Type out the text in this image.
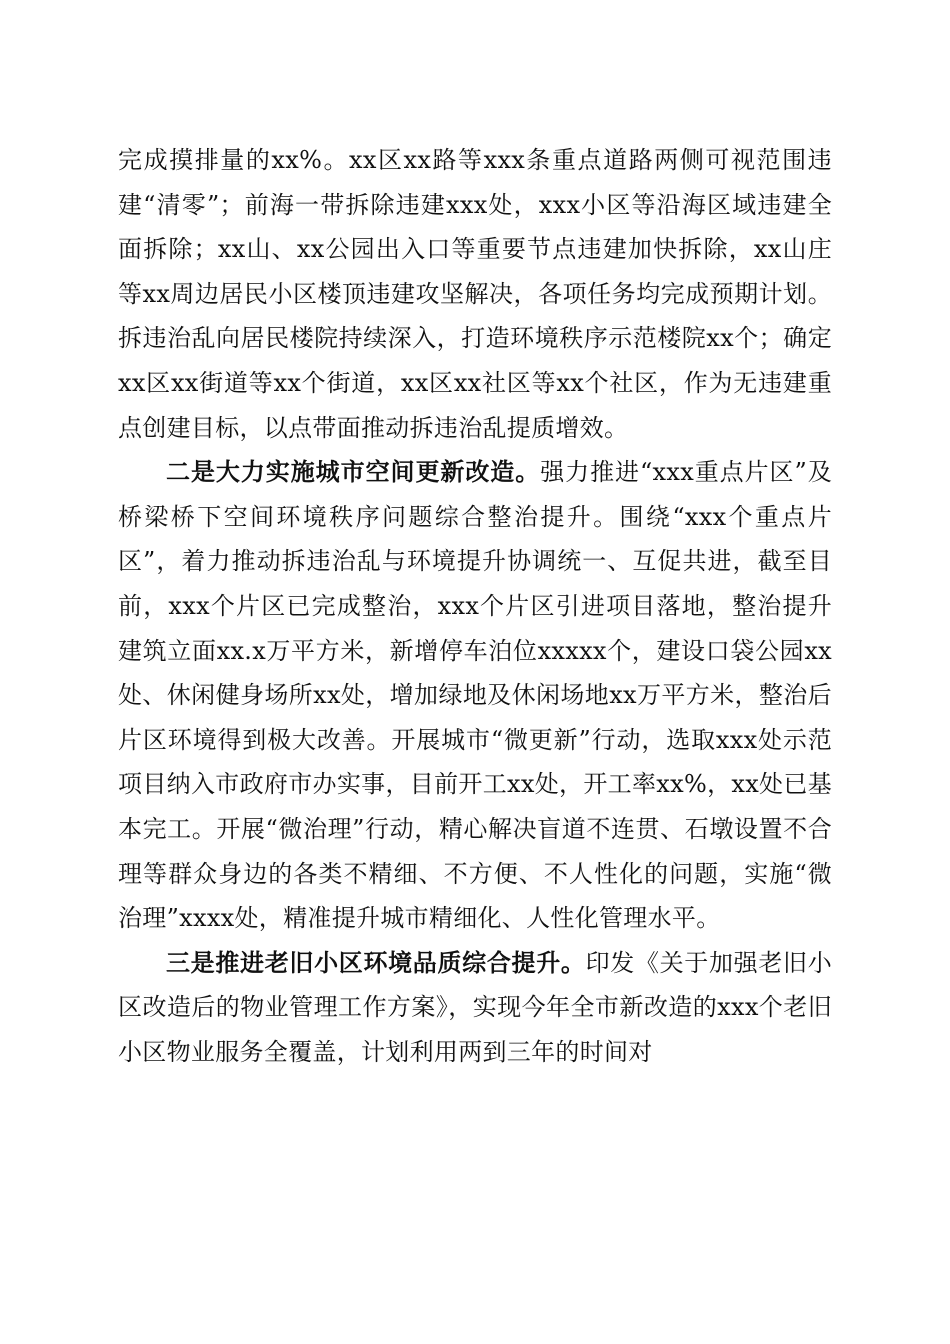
完成摸排量的xx%。xx区xx路等xxx条重点道路两侧可视范围违建“清零”；前海一带拆除违建xxx处，xxx小区等沿海区域违建全面拆除；xx山、xx公园出入口等重要节点违建加快拆除，xx山庄等xx周边居民小区楼顶违建攻坚解决，各项任务均完成预期计划。拆违治乱向居民楼院持续深入，打造环境秩序示范楼院xx个；确定xx区xx街道等xx个街道，xx区xx社区等xx个社区，作为无违建重点创建目标，以点带面推动拆违治乱提质增效。

二是大力实施城市空间更新改造。强力推进“xxx重点片区”及桥梁桥下空间环境秩序问题综合整治提升。围绕“xxx个重点片区”，着力推动拆违治乱与环境提升协调统一、互促共进，截至目前，xxx个片区已完成整治，xxx个片区引进项目落地，整治提升建筑立面xx.x万平方米，新增停车泊位xxxxx个，建设口袋公园xx处、休闲健身场所xx处，增加绿地及休闲场地xx万平方米，整治后片区环境得到极大改善。开展城市“微更新”行动，选取xxx处示范项目纳入市政府市办实事，目前开工xx处，开工率xx%，xx处已基本完工。开展“微治理”行动，精心解决盲道不连贯、石墩设置不合理等群众身边的各类不精细、不方便、不人性化的问题，实施“微治理”xxxx处，精准提升城市精细化、人性化管理水平。

三是推进老旧小区环境品质综合提升。印发《关于加强老旧小区改造后的物业管理工作方案》，实现今年全市新改造的xxx个老旧小区物业服务全覆盖，计划利用两到三年的时间对
